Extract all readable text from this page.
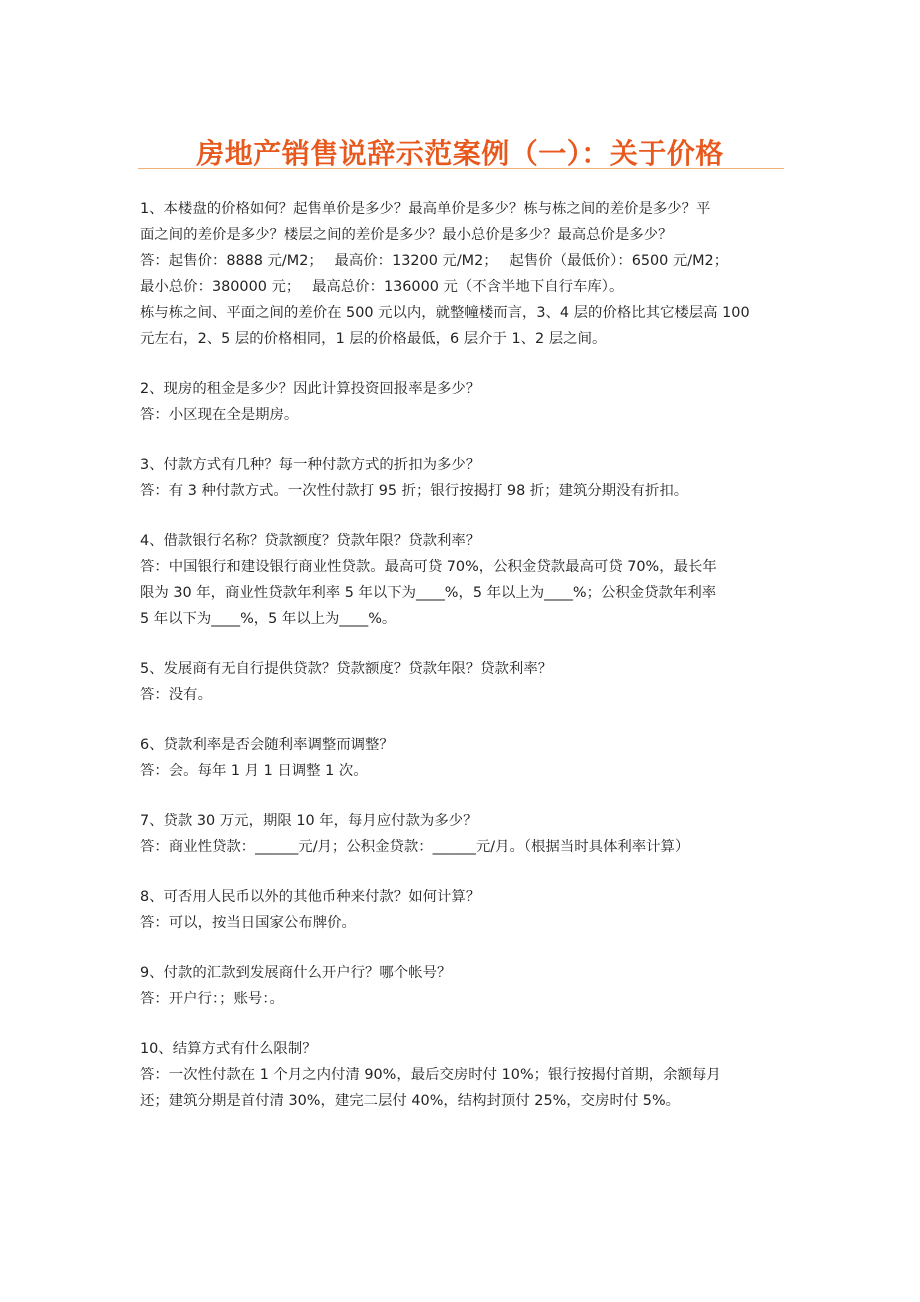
房地产销售说辞示范案例（一）：关于价格
1、本楼盘的价格如何？起售单价是多少？最高单价是多少？栋与栋之间的差价是多少？平
面之间的差价是多少？楼层之间的差价是多少？最小总价是多少？最高总价是多少？
答：起售价：8888 元/M2；　 最高价：13200 元/M2；　 起售价（最低价）：6500 元/M2；
最小总价：380000 元；　 最高总价：136000 元（不含半地下自行车库）。
栋与栋之间、平面之间的差价在 500 元以内，就整幢楼而言，3、4 层的价格比其它楼层高 100
元左右，2、5 层的价格相同，1 层的价格最低，6 层介于 1、2 层之间。
2、现房的租金是多少？因此计算投资回报率是多少？
答：小区现在全是期房。
3、付款方式有几种？每一种付款方式的折扣为多少？
答：有 3 种付款方式。一次性付款打 95 折；银行按揭打 98 折；建筑分期没有折扣。
4、借款银行名称？贷款额度？贷款年限？贷款利率？
答：中国银行和建设银行商业性贷款。最高可贷 70%，公积金贷款最高可贷 70%，最长年
限为 30 年，商业性贷款年利率 5 年以下为____%，5 年以上为____%；公积金贷款年利率
5 年以下为____%，5 年以上为____%。
5、发展商有无自行提供贷款？贷款额度？贷款年限？贷款利率？
答：没有。
6、贷款利率是否会随利率调整而调整？
答：会。每年 1 月 1 日调整 1 次。
7、贷款 30 万元，期限 10 年，每月应付款为多少？
答：商业性贷款：______元/月；公积金贷款：______元/月。（根据当时具体利率计算）
8、可否用人民币以外的其他币种来付款？如何计算？
答：可以，按当日国家公布牌价。
9、付款的汇款到发展商什么开户行？哪个帐号？
答：开户行：；账号：。
10、结算方式有什么限制？
答：一次性付款在 1 个月之内付清 90%，最后交房时付 10%；银行按揭付首期，余额每月
还；建筑分期是首付清 30%，建完二层付 40%，结构封顶付 25%，交房时付 5%。
